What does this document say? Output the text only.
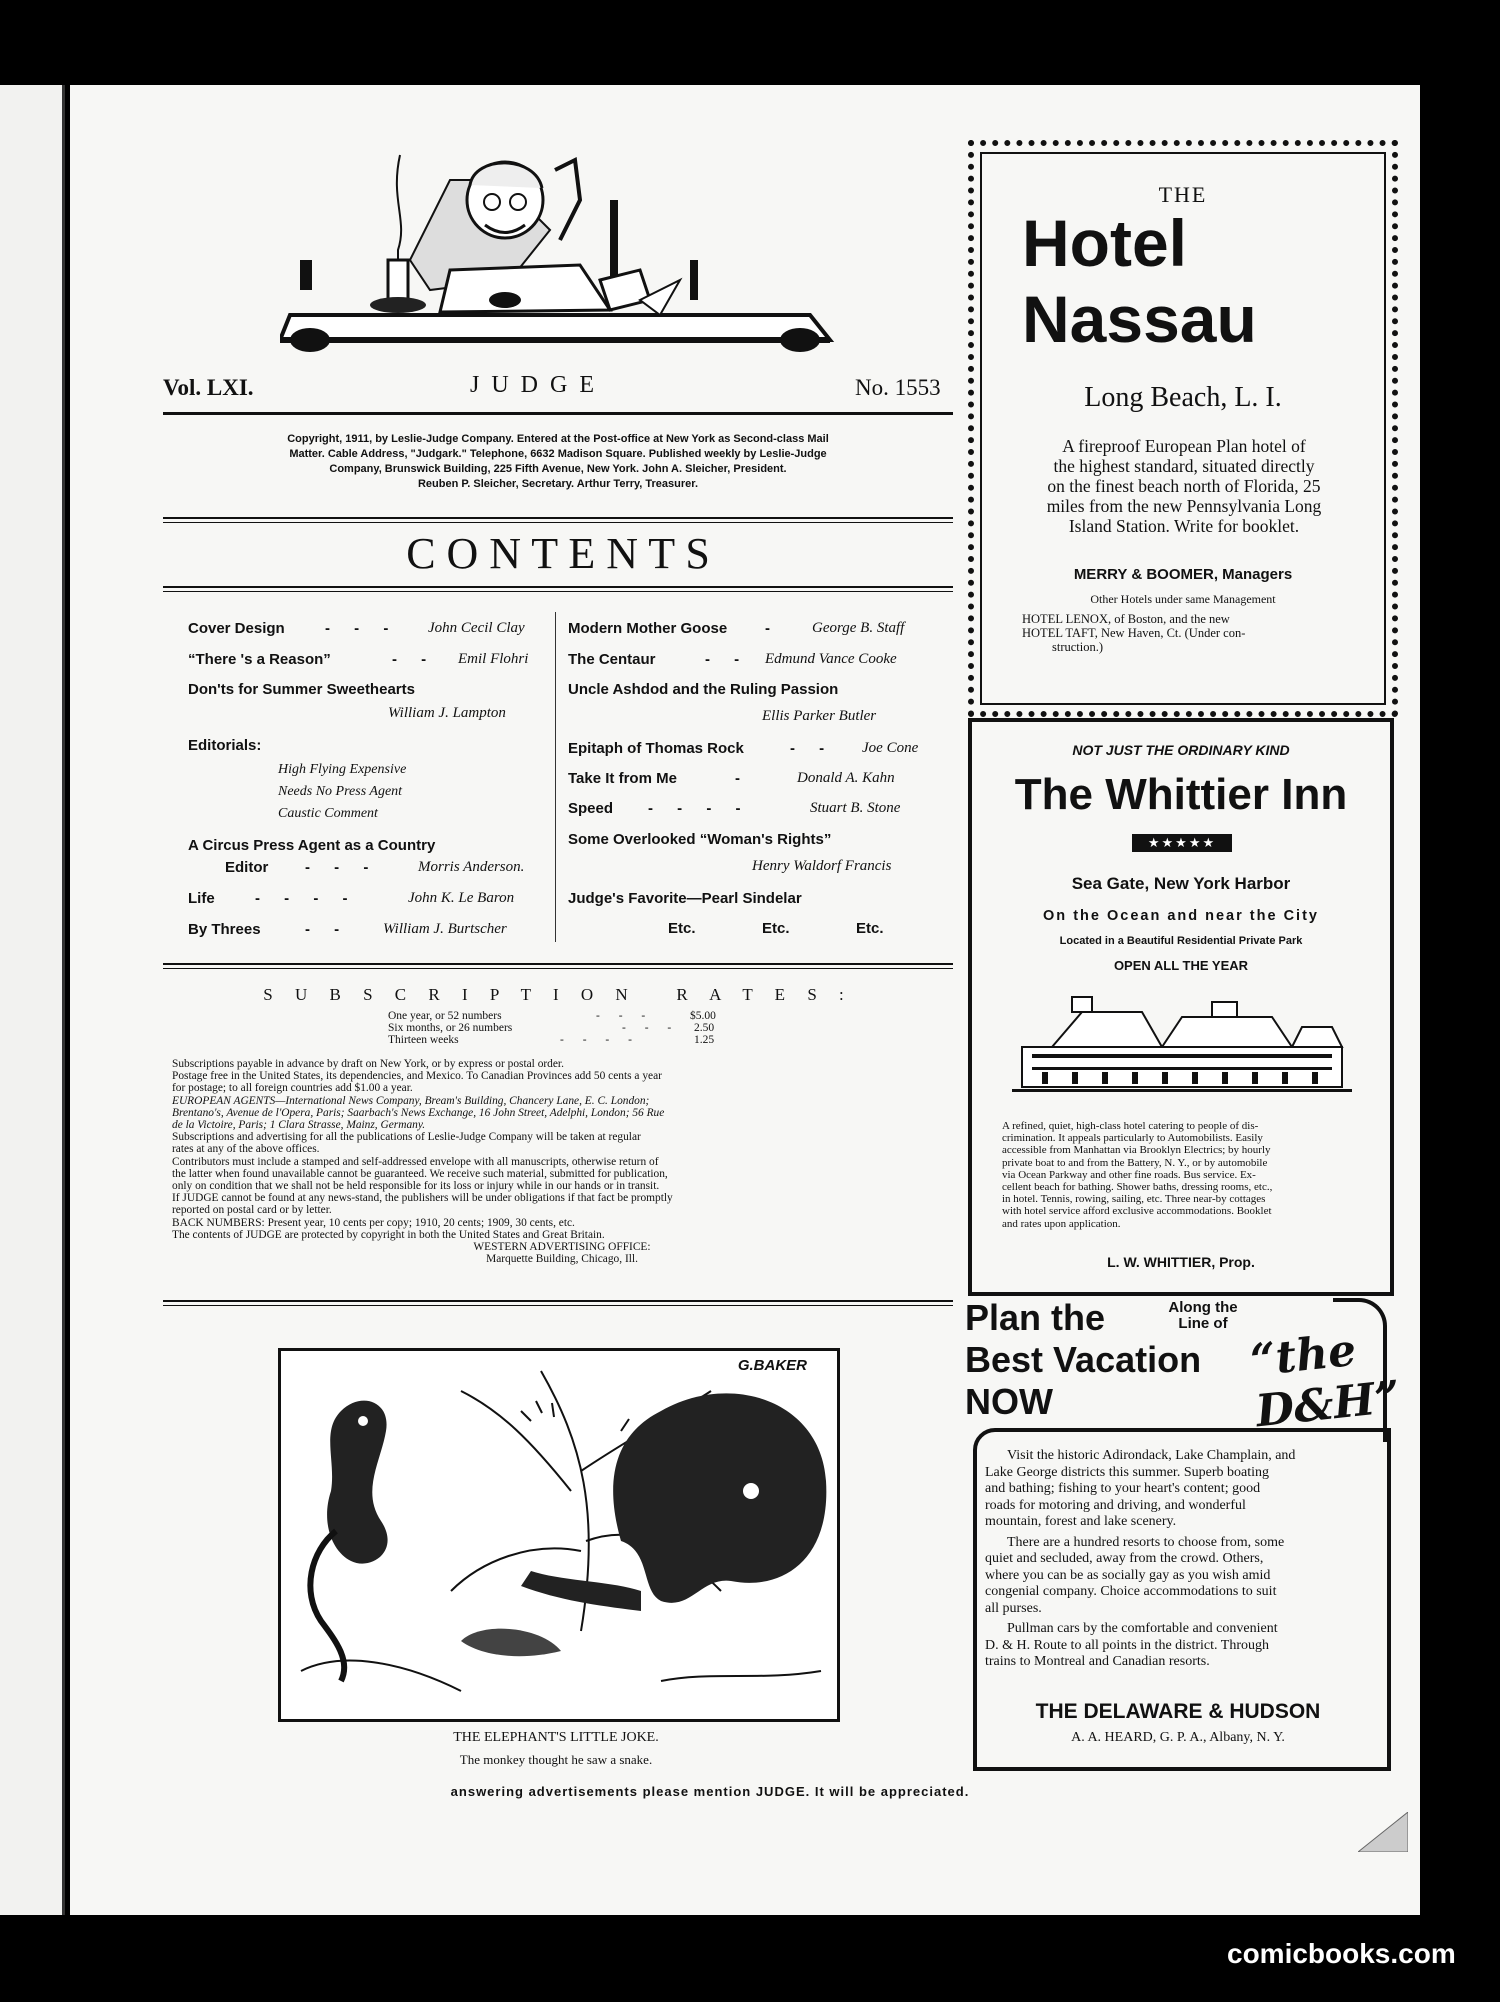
Vol. LXI.	JUDGE	No. 1553
Copyright, 1911, by Leslie-Judge Company. Entered at the Post-office at New York as Second-class Mail
Matter. Cable Address, "Judgark." Telephone, 6632 Madison Square. Published weekly by Leslie-Judge
Company, Brunswick Building, 225 Fifth Avenue, New York. John A. Sleicher, President.
Reuben P. Sleicher, Secretary. Arthur Terry, Treasurer.
C O N T E N T S
Cover Design	- - - John Cecil Clay
“There 's a Reason”	- - Emil Flohri
Don'ts for Summer Sweethearts
William J. Lampton
Editorials:
High Flying Expensive
Needs No Press Agent
Caustic Comment
A Circus Press Agent as a Country
Editor - - -	Morris Anderson.
Life	- - - -	John K. Le Baron
By Threes	- - William J. Burtscher
Modern Mother Goose	- George B. Staff
The Centaur	- - Edmund Vance Cooke
Uncle Ashdod and the Ruling Passion
Ellis Parker Butler
Epitaph of Thomas Rock	- - Joe Cone
Take It from Me	-	Donald A. Kahn
Speed - - - -	Stuart B. Stone
Some Overlooked “Woman's Rights”
Henry Waldorf Francis
Judge's Favorite—Pearl Sindelar
Etc.   Etc.   Etc.
S U B S C R I P T I O N   R A T E S :
One year, or 52 numbers	- - -	$5.00
Six months, or 26 numbers	- - - 2.50
Thirteen weeks	- - - -	1.25
Subscriptions payable in advance by draft on New York, or by express or postal order.
Postage free in the United States, its dependencies, and Mexico. To Canadian Provinces add 50 cents a year
for postage; to all foreign countries add $1.00 a year.
EUROPEAN AGENTS—International News Company, Bream's Building, Chancery Lane, E. C. London;
Brentano's, Avenue de l'Opera, Paris; Saarbach's News Exchange, 16 John Street, Adelphi, London; 56 Rue
de la Victoire, Paris; 1 Clara Strasse, Mainz, Germany.
Subscriptions and advertising for all the publications of Leslie-Judge Company will be taken at regular
rates at any of the above offices.
Contributors must include a stamped and self-addressed envelope with all manuscripts, otherwise return of
the latter when found unavailable cannot be guaranteed. We receive such material, submitted for publication,
only on condition that we shall not be held responsible for its loss or injury while in our hands or in transit.
If JUDGE cannot be found at any news-stand, the publishers will be under obligations if that fact be promptly
reported on postal card or by letter.
BACK NUMBERS: Present year, 10 cents per copy; 1910, 20 cents; 1909, 30 cents, etc.
The contents of JUDGE are protected by copyright in both the United States and Great Britain.
WESTERN ADVERTISING OFFICE:
Marquette Building, Chicago, Ill.
G.BAKER
THE ELEPHANT'S LITTLE JOKE.
The monkey thought he saw a snake.
answering advertisements please mention JUDGE. It will be appreciated.
THE
Hotel
Nassau
Long Beach, L. I.
A fireproof European Plan hotel of
the highest standard, situated directly
on the finest beach north of Florida, 25
miles from the new Pennsylvania Long
Island Station. Write for booklet.
MERRY & BOOMER, Managers
Other Hotels under same Management
HOTEL LENOX, of Boston, and the new
HOTEL TAFT, New Haven, Ct. (Under con-
struction.)
NOT JUST THE ORDINARY KIND
The Whittier Inn
★★★★★
Sea Gate, New York Harbor
On the Ocean and near the City
Located in a Beautiful Residential Private Park
OPEN ALL THE YEAR
A refined, quiet, high-class hotel catering to people of dis-
crimination. It appeals particularly to Automobilists. Easily
accessible from Manhattan via Brooklyn Electrics; by hourly
private boat to and from the Battery, N. Y., or by automobile
via Ocean Parkway and other fine roads. Bus service. Ex-
cellent beach for bathing. Shower baths, dressing rooms, etc.,
in hotel. Tennis, rowing, sailing, etc. Three near-by cottages
with hotel service afford exclusive accommodations. Booklet
and rates upon application.
L. W. WHITTIER, Prop.
Plan the
Best Vacation
NOW
Along the
Line of
“the D&H”
Visit the historic Adirondack, Lake Champlain, and
Lake George districts this summer. Superb boating
and bathing; fishing to your heart's content; good
roads for motoring and driving, and wonderful
mountain, forest and lake scenery.
There are a hundred resorts to choose from, some
quiet and secluded, away from the crowd. Others,
where you can be as socially gay as you wish amid
congenial company. Choice accommodations to suit
all purses.
Pullman cars by the comfortable and convenient
D. & H. Route to all points in the district. Through
trains to Montreal and Canadian resorts.
THE DELAWARE & HUDSON
A. A. HEARD, G. P. A., Albany, N. Y.
comicbooks.com
